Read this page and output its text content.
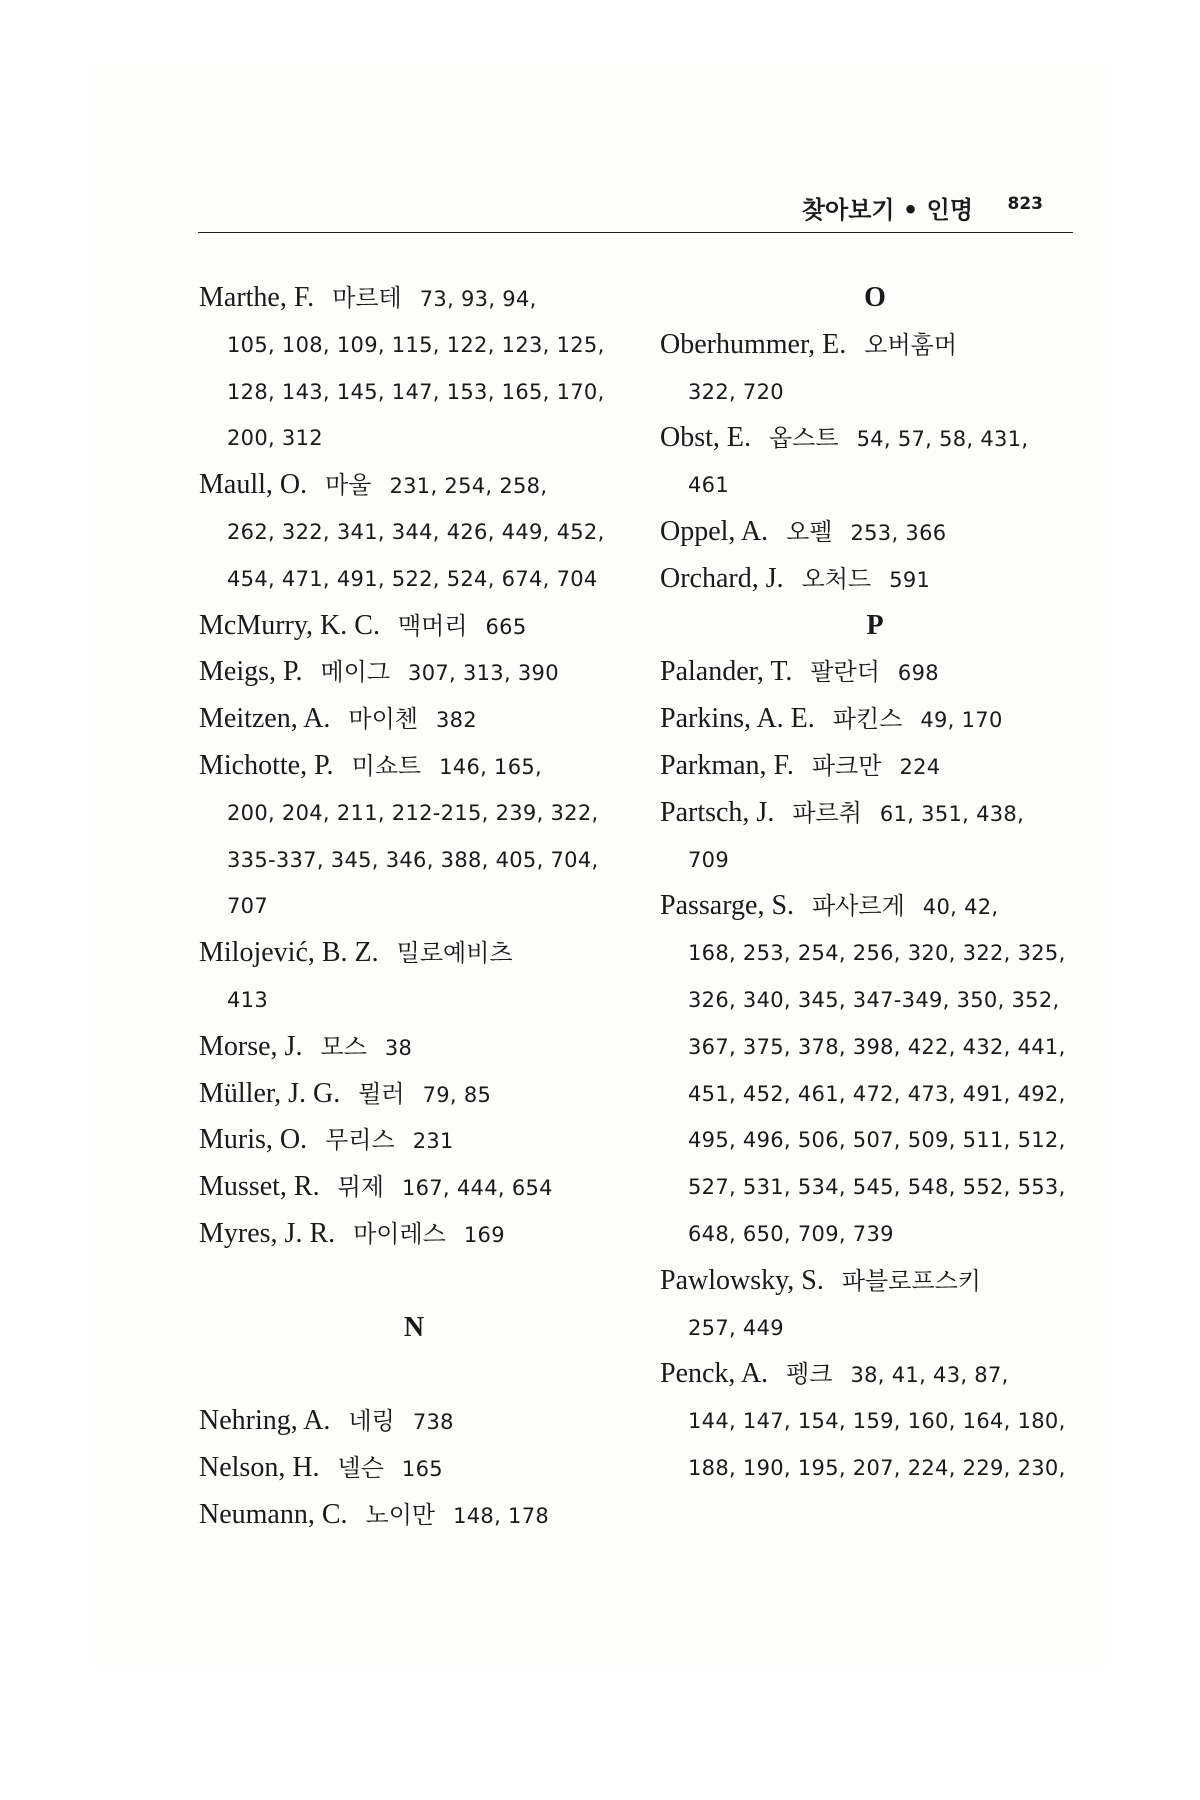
찾아보기 • 인명 823
Marthe, F. 마르테 73, 93, 94,
105, 108, 109, 115, 122, 123, 125,
128, 143, 145, 147, 153, 165, 170,
200, 312
Maull, O. 마울 231, 254, 258,
262, 322, 341, 344, 426, 449, 452,
454, 471, 491, 522, 524, 674, 704
McMurry, K. C. 맥머리 665
Meigs, P. 메이그 307, 313, 390
Meitzen, A. 마이첸 382
Michotte, P. 미쇼트 146, 165,
200, 204, 211, 212-215, 239, 322,
335-337, 345, 346, 388, 405, 704,
707
Milojević, B. Z. 밀로예비츠
413
Morse, J. 모스 38
Müller, J. G. 뮐러 79, 85
Muris, O. 무리스 231
Musset, R. 뮈제 167, 444, 654
Myres, J. R. 마이레스 169
N
Nehring, A. 네링 738
Nelson, H. 넬슨 165
Neumann, C. 노이만 148, 178
O
Oberhummer, E. 오버훔머
322, 720
Obst, E. 옵스트 54, 57, 58, 431,
461
Oppel, A. 오펠 253, 366
Orchard, J. 오처드 591
P
Palander, T. 팔란더 698
Parkins, A. E. 파킨스 49, 170
Parkman, F. 파크만 224
Partsch, J. 파르취 61, 351, 438,
709
Passarge, S. 파사르게 40, 42,
168, 253, 254, 256, 320, 322, 325,
326, 340, 345, 347-349, 350, 352,
367, 375, 378, 398, 422, 432, 441,
451, 452, 461, 472, 473, 491, 492,
495, 496, 506, 507, 509, 511, 512,
527, 531, 534, 545, 548, 552, 553,
648, 650, 709, 739
Pawlowsky, S. 파블로프스키
257, 449
Penck, A. 펭크 38, 41, 43, 87,
144, 147, 154, 159, 160, 164, 180,
188, 190, 195, 207, 224, 229, 230,
